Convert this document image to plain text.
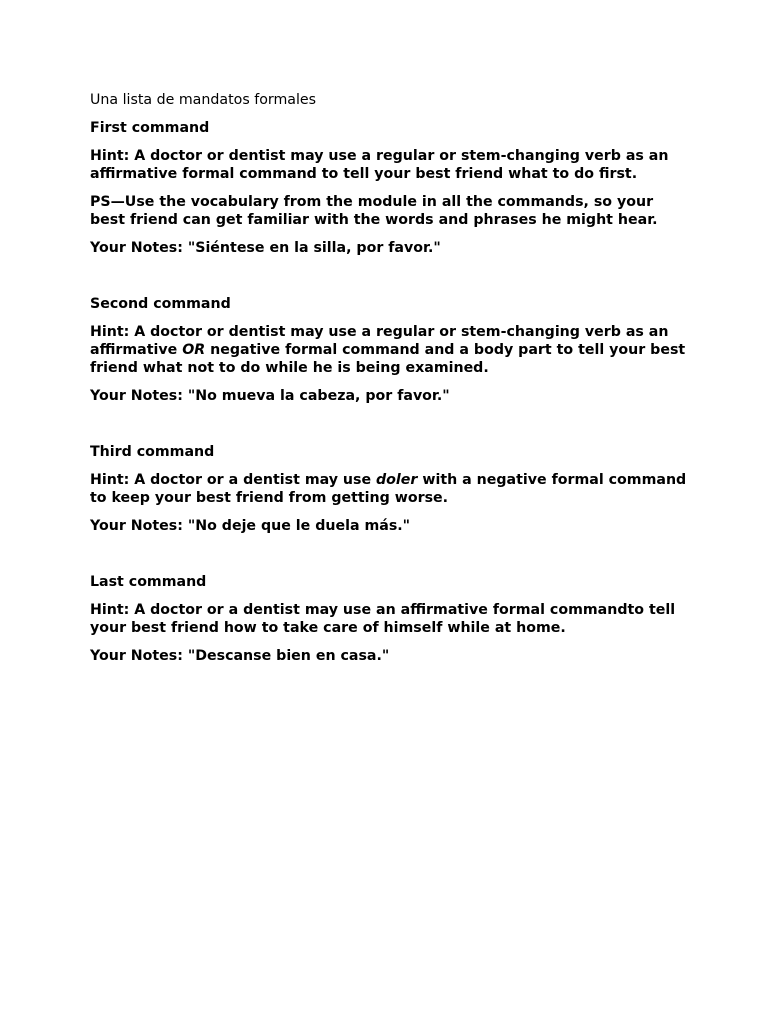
Una lista de mandatos formales

First command

Hint: A doctor or dentist may use a regular or stem-changing verb as an affirmative formal command to tell your best friend what to do first.

PS—Use the vocabulary from the module in all the commands, so your best friend can get familiar with the words and phrases he might hear.

Your Notes: "Siéntese en la silla, por favor."

Second command

Hint: A doctor or dentist may use a regular or stem-changing verb as an affirmative OR negative formal command and a body part to tell your best friend what not to do while he is being examined.

Your Notes: "No mueva la cabeza, por favor."

Third command

Hint: A doctor or a dentist may use doler with a negative formal command to keep your best friend from getting worse.

Your Notes: "No deje que le duela más."

Last command

Hint: A doctor or a dentist may use an affirmative formal commandto tell your best friend how to take care of himself while at home.

Your Notes: "Descanse bien en casa."
